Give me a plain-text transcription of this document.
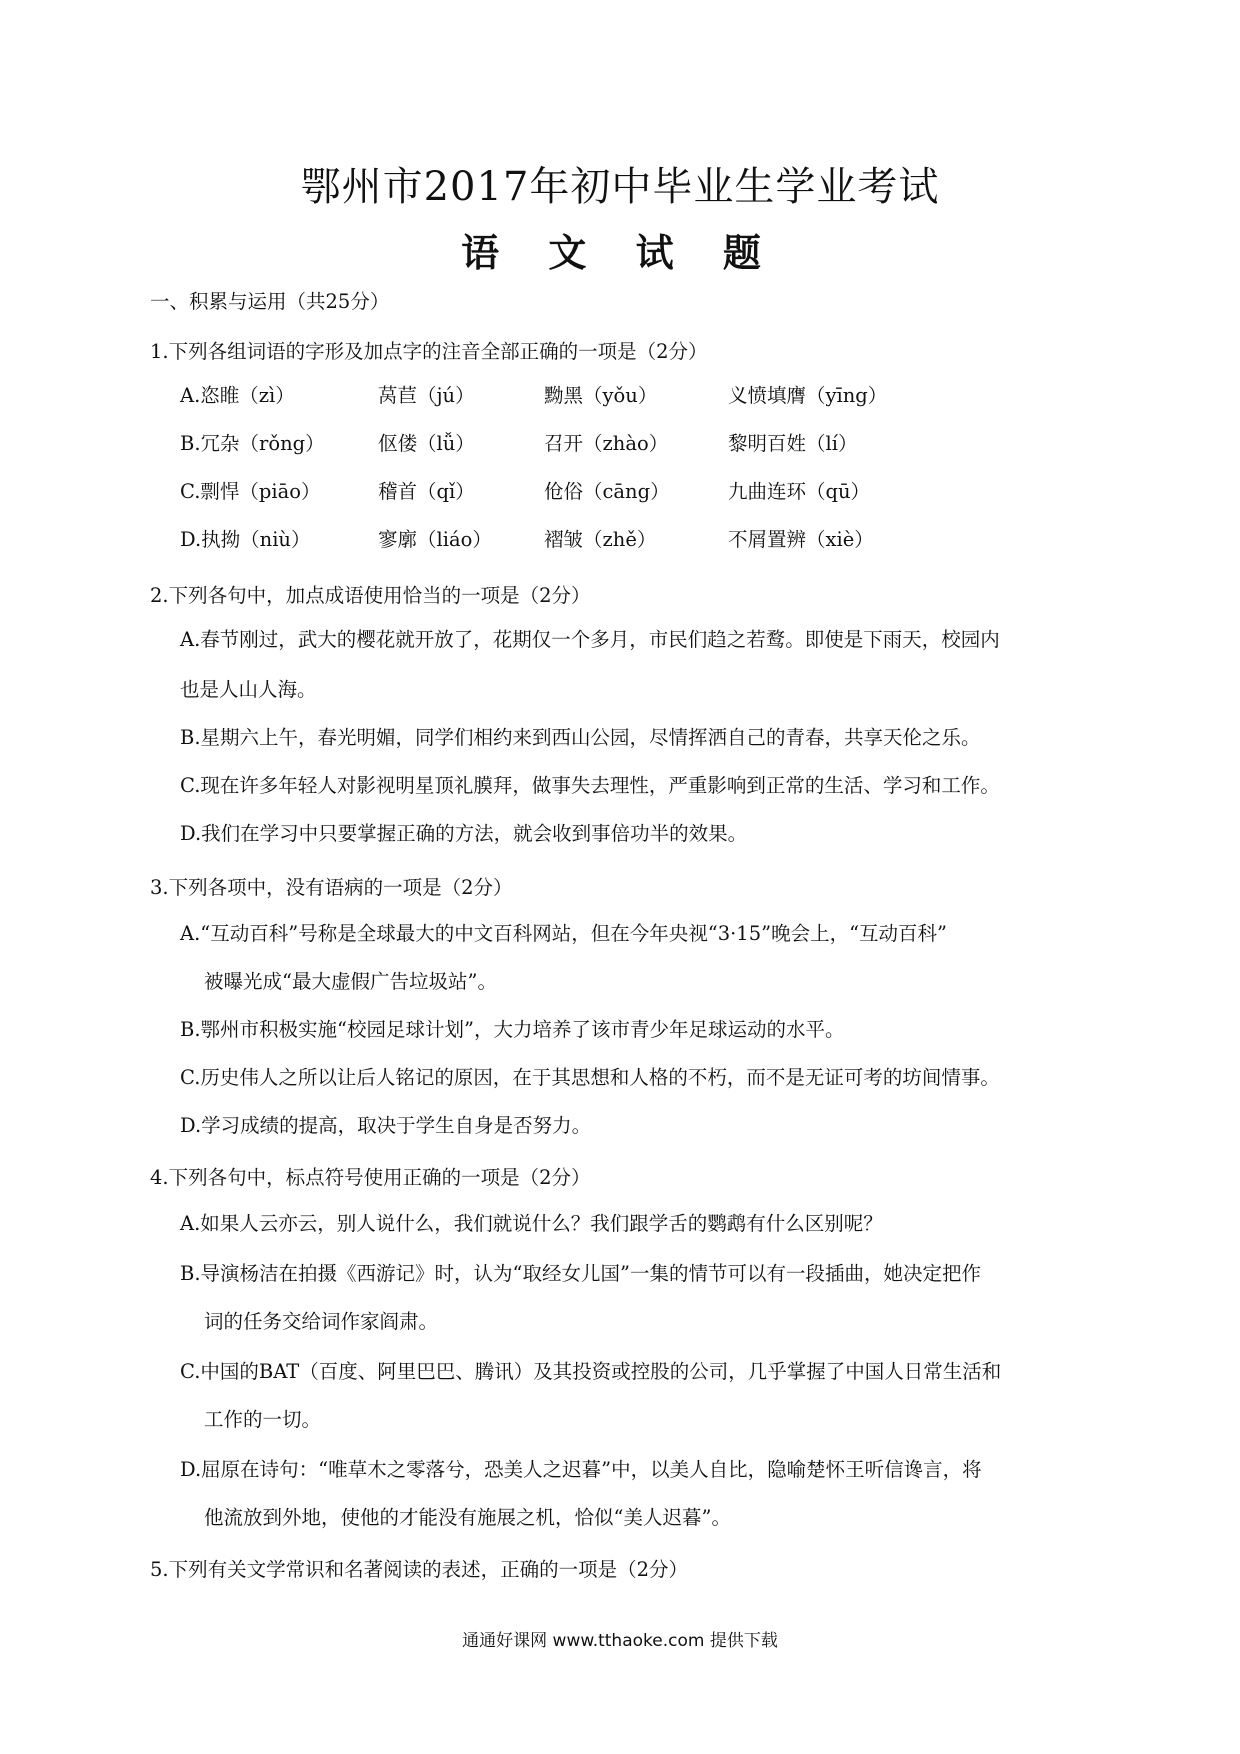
鄂州市2017年初中毕业生学业考试
语 文 试 题
一、积累与运用（共25分）
1.下列各组词语的字形及加点字的注音全部正确的一项是（2分）
A.恣睢（zì）	莴苣（jú）	黝黑（yǒu）	义愤填膺（yīng）
B.冗杂（rǒng）	伛偻（lǚ）	召开（zhào）	黎明百姓（lí）
C.剽悍（piāo）	稽首（qǐ）	伧俗（cāng）	九曲连环（qū）
D.执拗（niù）	寥廓（liáo）	褶皱（zhě）	不屑置辨（xiè）
2.下列各句中，加点成语使用恰当的一项是（2分）
A.春节刚过，武大的樱花就开放了，花期仅一个多月，市民们趋之若鹜。即使是下雨天，校园内
也是人山人海。
B.星期六上午，春光明媚，同学们相约来到西山公园，尽情挥洒自己的青春，共享天伦之乐。
C.现在许多年轻人对影视明星顶礼膜拜，做事失去理性，严重影响到正常的生活、学习和工作。
D.我们在学习中只要掌握正确的方法，就会收到事倍功半的效果。
3.下列各项中，没有语病的一项是（2分）
A.“互动百科”号称是全球最大的中文百科网站，但在今年央视“3·15”晚会上，“互动百科”
被曝光成“最大虚假广告垃圾站”。
B.鄂州市积极实施“校园足球计划”，大力培养了该市青少年足球运动的水平。
C.历史伟人之所以让后人铭记的原因，在于其思想和人格的不朽，而不是无证可考的坊间情事。
D.学习成绩的提高，取决于学生自身是否努力。
4.下列各句中，标点符号使用正确的一项是（2分）
A.如果人云亦云，别人说什么，我们就说什么？我们跟学舌的鹦鹉有什么区别呢？
B.导演杨洁在拍摄《西游记》时，认为“取经女儿国”一集的情节可以有一段插曲，她决定把作
词的任务交给词作家阎肃。
C.中国的BAT（百度、阿里巴巴、腾讯）及其投资或控股的公司，几乎掌握了中国人日常生活和
工作的一切。
D.屈原在诗句：“唯草木之零落兮，恐美人之迟暮”中，以美人自比，隐喻楚怀王听信谗言，将
他流放到外地，使他的才能没有施展之机，恰似“美人迟暮”。
5.下列有关文学常识和名著阅读的表述，正确的一项是（2分）
通通好课网 www.tthaoke.com 提供下载
